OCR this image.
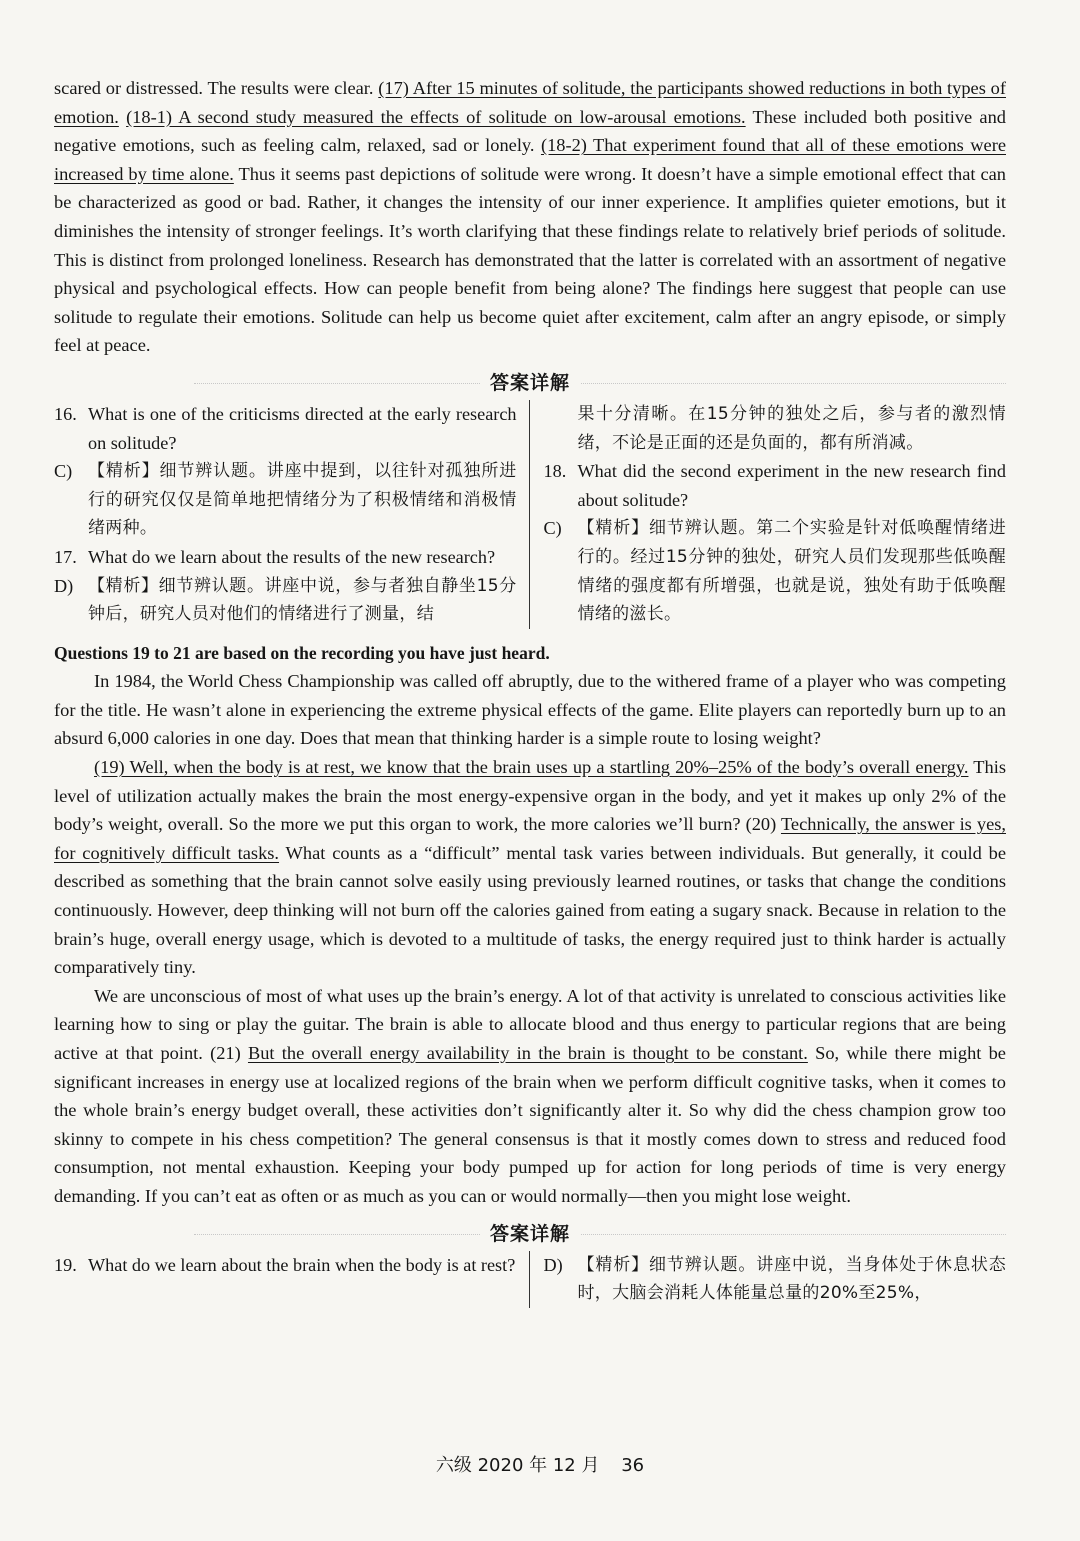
scared or distressed. The results were clear. (17) After 15 minutes of solitude, the participants showed reductions in both types of emotion. (18-1) A second study measured the effects of solitude on low-arousal emotions. These included both positive and negative emotions, such as feeling calm, relaxed, sad or lonely. (18-2) That experiment found that all of these emotions were increased by time alone. Thus it seems past depictions of solitude were wrong. It doesn’t have a simple emotional effect that can be characterized as good or bad. Rather, it changes the intensity of our inner experience. It amplifies quieter emotions, but it diminishes the intensity of stronger feelings. It’s worth clarifying that these findings relate to relatively brief periods of solitude. This is distinct from prolonged loneliness. Research has demonstrated that the latter is correlated with an assortment of negative physical and psychological effects. How can people benefit from being alone? The findings here suggest that people can use solitude to regulate their emotions. Solitude can help us become quiet after excitement, calm after an angry episode, or simply feel at peace.

答案详解
16. What is one of the criticisms directed at the early research on solitude?
C) 【精析】细节辨认题。讲座中提到，以往针对孤独所进行的研究仅仅是简单地把情绪分为了积极情绪和消极情绪两种。
17. What do we learn about the results of the new research?
D) 【精析】细节辨认题。讲座中说，参与者独自静坐15分钟后，研究人员对他们的情绪进行了测量，结
果十分清晰。在15分钟的独处之后，参与者的激烈情绪，不论是正面的还是负面的，都有所消减。
18. What did the second experiment in the new research find about solitude?
C) 【精析】细节辨认题。第二个实验是针对低唤醒情绪进行的。经过15分钟的独处，研究人员们发现那些低唤醒情绪的强度都有所增强，也就是说，独处有助于低唤醒情绪的滋长。
Questions 19 to 21 are based on the recording you have just heard.

In 1984, the World Chess Championship was called off abruptly, due to the withered frame of a player who was competing for the title. He wasn’t alone in experiencing the extreme physical effects of the game. Elite players can reportedly burn up to an absurd 6,000 calories in one day. Does that mean that thinking harder is a simple route to losing weight?

(19) Well, when the body is at rest, we know that the brain uses up a startling 20%–25% of the body’s overall energy. This level of utilization actually makes the brain the most energy-expensive organ in the body, and yet it makes up only 2% of the body’s weight, overall. So the more we put this organ to work, the more calories we’ll burn? (20) Technically, the answer is yes, for cognitively difficult tasks. What counts as a “difficult” mental task varies between individuals. But generally, it could be described as something that the brain cannot solve easily using previously learned routines, or tasks that change the conditions continuously. However, deep thinking will not burn off the calories gained from eating a sugary snack. Because in relation to the brain’s huge, overall energy usage, which is devoted to a multitude of tasks, the energy required just to think harder is actually comparatively tiny.

We are unconscious of most of what uses up the brain’s energy. A lot of that activity is unrelated to conscious activities like learning how to sing or play the guitar. The brain is able to allocate blood and thus energy to particular regions that are being active at that point. (21) But the overall energy availability in the brain is thought to be constant. So, while there might be significant increases in energy use at localized regions of the brain when we perform difficult cognitive tasks, when it comes to the whole brain’s energy budget overall, these activities don’t significantly alter it. So why did the chess champion grow too skinny to compete in his chess competition? The general consensus is that it mostly comes down to stress and reduced food consumption, not mental exhaustion. Keeping your body pumped up for action for long periods of time is very energy demanding. If you can’t eat as often or as much as you can or would normally—then you might lose weight.

答案详解
19. What do we learn about the brain when the body is at rest? D) 【精析】细节辨认题。讲座中说，当身体处于休息状态时，大脑会消耗人体能量总量的20%至25%，
六级 2020 年 12 月 36
